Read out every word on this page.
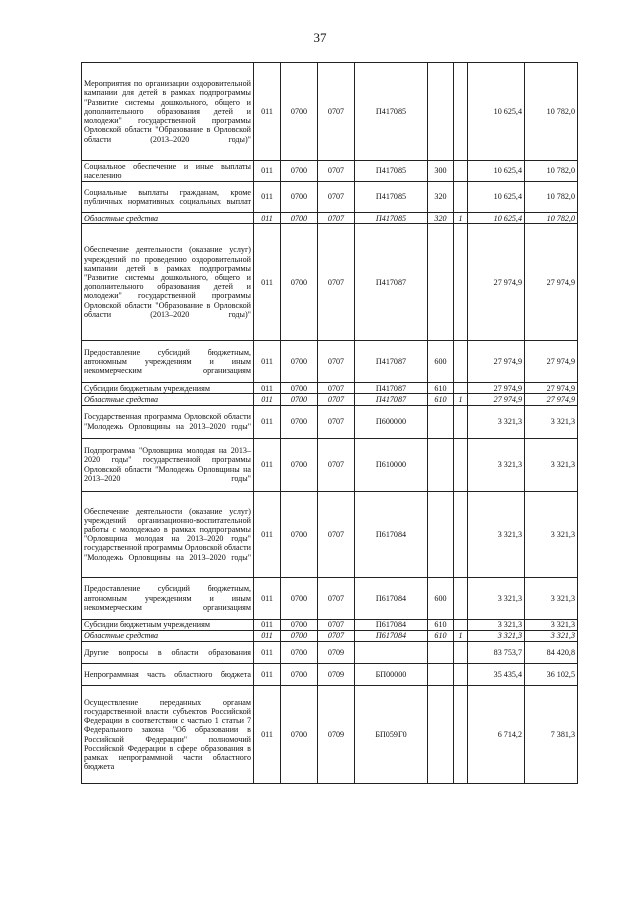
37
Мероприятия по организации оздоровительной кампании для детей в рамках подпрограммы "Развитие системы дошкольного, общего и дополнительного образования детей и молодежи" государственной программы Орловской области "Образование в Орловской области (2013–2020 годы)"	011	0700	0707	П417085			10 625,4	10 782,0
Социальное обеспечение и иные выплаты населению	011	0700	0707	П417085	300		10 625,4	10 782,0
Социальные выплаты гражданам, кроме публичных нормативных социальных выплат	011	0700	0707	П417085	320		10 625,4	10 782,0
Областные средства	011	0700	0707	П417085	320	1	10 625,4	10 782,0
Обеспечение деятельности (оказание услуг) учреждений по проведению оздоровительной кампании детей в рамках подпрограммы "Развитие системы дошкольного, общего и дополнительного образования детей и молодежи" государственной программы Орловской области "Образование в Орловской области (2013–2020 годы)"	011	0700	0707	П417087			27 974,9	27 974,9
Предоставление субсидий бюджетным, автономным учреждениям и иным некоммерческим организациям	011	0700	0707	П417087	600		27 974,9	27 974,9
Субсидии бюджетным учреждениям	011	0700	0707	П417087	610		27 974,9	27 974,9
Областные средства	011	0700	0707	П417087	610	1	27 974,9	27 974,9
Государственная программа Орловской области "Молодежь Орловщины на 2013–2020 годы"	011	0700	0707	П600000			3 321,3	3 321,3
Подпрограмма "Орловщина молодая на 2013–2020 годы" государственной программы Орловской области "Молодежь Орловщины на 2013–2020 годы"	011	0700	0707	П610000			3 321,3	3 321,3
Обеспечение деятельности (оказание услуг) учреждений организационно-воспитательной работы с молодежью в рамках подпрограммы "Орловщина молодая на 2013–2020 годы" государственной программы Орловской области "Молодежь Орловщины на 2013–2020 годы"	011	0700	0707	П617084			3 321,3	3 321,3
Предоставление субсидий бюджетным, автономным учреждениям и иным некоммерческим организациям	011	0700	0707	П617084	600		3 321,3	3 321,3
Субсидии бюджетным учреждениям	011	0700	0707	П617084	610		3 321,3	3 321,3
Областные средства	011	0700	0707	П617084	610	1	3 321,3	3 321,3
Другие вопросы в области образования	011	0700	0709				83 753,7	84 420,8
Непрограммная часть областного бюджета	011	0700	0709	БП00000			35 435,4	36 102,5
Осуществление переданных органам государственной власти субъектов Российской Федерации в соответствии с частью 1 статьи 7 Федерального закона "Об образовании в Российской Федерации" полномочий Российской Федерации в сфере образования в рамках непрограммной части областного бюджета	011	0700	0709	БП059Г0			6 714,2	7 381,3
